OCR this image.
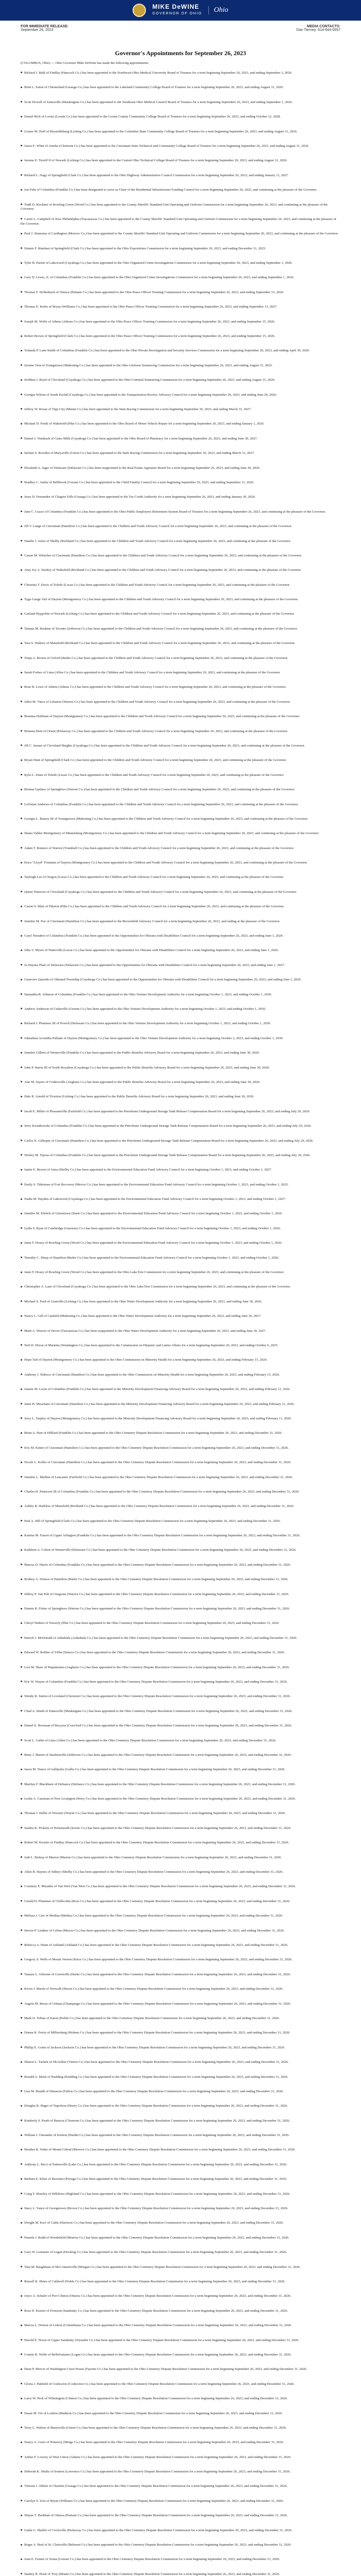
MIKE DeWINE
GOVERNOR OF OHIO	Ohio
FOR IMMEDIATE RELEASE:
September 26, 2023
MEDIA CONTACTS:
Dan Tierney: 614-644-0957
Governor's Appointments for September 26, 2023
(COLUMBUS, Ohio) — Ohio Governor Mike DeWine has made the following appointments:

Richard J. Bahl of Findlay (Hancock Co.) has been appointed to the Northwest Ohio Medical University Board of Trustees for a term beginning September 26, 2023, and ending September 3, 2026.

Brett L. Eaton of Chesterland (Geauga Co.) has been appointed to the Lakeland Community College Board of Trustees for a term beginning September 26, 2023, and ending August 31, 2026.

Scott Dowell of Zanesville (Muskingum Co.) has been appointed to the Southeast Ohio Medical Council Board of Trustees for a term beginning September 26, 2023, and ending September 1, 2026.

Daniel Rich of Lorain (Lorain Co.) has been appointed to the Lorain County Community College Board of Trustees for a term beginning September 26, 2023, and ending October 12, 2028.

Louise M. Hoff of Reynoldsburg (Licking Co.) has been appointed to the Columbus State Community College Board of Trustees for a term beginning September 26, 2023, and ending August 31, 2026.

Jason E. Whitt of Amelia (Clermont Co.) has been appointed to the Cincinnati State Technical and Community College Board of Trustees for a term beginning September 26, 2023, and ending August 31, 2026.

Jerome E. Terrell II of Newark (Licking Co.) has been appointed to the Central Ohio Technical College Board of Trustees for a term beginning September 26, 2023, and ending August 31, 2026.

Richard L. Nagy of Springfield (Clark Co.) has been appointed to the Ohio Highway Administrative Council Commission for a term beginning September 26, 2023, and ending January 11, 2027.

Jon Fehr of Columbus (Franklin Co.) has been designated to serve as Chair of the Residential Infrastructure Funding Council for a term beginning September 26, 2023, and continuing at the pleasure of the Governor.

Todd D. Kirchner of Bowling Green (Wood Co.) has been appointed to the County Sheriffs' Standard Unit Operating and Uniform Commission for a term beginning September 26, 2023, and continuing at the pleasure of the Governor.

Carrie L. Campbell of New Philadelphia (Tuscarawas Co.) has been appointed to the County Sheriffs' Standard Unit Operating and Uniform Commission for a term beginning September 26, 2023, and continuing at the pleasure of the Governor.

Paul J. Simmons of Cardington (Morrow Co.) has been appointed to the County Sheriffs' Standard Unit Operating and Uniform Commission for a term beginning September 26, 2023, and continuing at the pleasure of the Governor.

Dennis F. Rinehart of Springfield (Clark Co.) has been appointed to the Ohio Expositions Commission for a term beginning September 26, 2023, and ending December 31, 2025.

Tyler B. Parent of Lakewood (Cuyahoga Co.) has been appointed to the Ohio Organized Crime Investigations Commission for a term beginning September 26, 2023, and ending September 1, 2026.

Gary D. Lewis, Jr. of Columbus (Franklin Co.) has been appointed to the Ohio Organized Crime Investigations Commission for a term beginning September 26, 2023, and ending September 1, 2026.

Thomas F. Hollenbach of Ottawa (Putnam Co.) has been appointed to the Ohio Peace Officer Training Commission for a term beginning September 26, 2023, and ending September 15, 2026.

Thomas E. Krebs of Bryan (Williams Co.) has been appointed to the Ohio Peace Officer Training Commission for a term beginning September 26, 2023, and ending September 15, 2027.

Joseph M. Wolfe of Athens (Athens Co.) has been appointed to the Ohio Peace Officer Training Commission for a term beginning September 26, 2023, and ending September 15, 2026.

Robert Brown of Springfield (Clark Co.) has been appointed to the Ohio Peace Officer Training Commission for a term beginning September 26, 2023, and ending September 15, 2026.

Yolanda P. Lane-Smith of Columbus (Franklin Co.) has been appointed to the Ohio Private Investigation and Security Services Commission for a term beginning September 26, 2023, and ending April 30, 2026.

Jerome Vera of Youngstown (Mahoning Co.) has been appointed to the Ohio Uniform Sentencing Commission for a term beginning September 26, 2023, and ending August 31, 2025.

Siobhan J. Boyd of Cleveland (Cuyahoga Co.) has been appointed to the Ohio Criminal Sentencing Commission for a term beginning September 26, 2023, and ending August 31, 2026.

Georgia Wilson of South Euclid (Cuyahoga Co.) has been appointed to the Transportation Review Advisory Council for a term beginning September 26, 2023, and ending June 29, 2026.

Jeffrey W. Rouse of Tipp City (Miami Co.) has been appointed to the State Racing Commission for a term beginning September 26, 2023, and ending March 31, 2027.

Michael D. Fenik of Wakefield (Pike Co.) has been appointed to the Ohio Board of Motor Vehicle Repair for a term beginning September 26, 2023, and ending January 1, 2026.

Daniel J. Vondrack of Gates Mills (Cuyahoga Co.) has been appointed to the Ohio Board of Pharmacy for a term beginning September 26, 2023, and ending June 30, 2027.

Stefani S. Bowden of Marysville (Union Co.) has been appointed to the State Racing Commission for a term beginning September 26, 2023, and ending March 31, 2027.

Elizabeth A. Jager of Delaware (Delaware Co.) has been reappointed to the Real Estate Appraiser Board for a term beginning September 26, 2023, and ending June 30, 2026.

Bradley C. Antlar of Bellbrook (Greene Co.) has been appointed to the Child Fatality Council for a term beginning September 26, 2023, and ending September 11, 2026.

Jesse D. Fernandez of Chagrin Falls (Geauga Co.) has been appointed to the Tax Credit Authority for a term beginning September 26, 2023, and ending January 20, 2026.

Jane C. Guzzo of Columbus (Franklin Co.) has been appointed to the Ohio Public Employees Retirement System Board of Trustees for a term beginning September 26, 2023, and continuing at the pleasure of the Governor.

Jill V. Lange of Cincinnati (Hamilton Co.) has been appointed to the Children and Youth Advisory Council for a term beginning September 26, 2023, and continuing at the pleasure of the Governor.

Natalie J. Jones of Shelby (Richland Co.) has been appointed to the Children and Youth Advisory Council for a term beginning September 26, 2023, and continuing at the pleasure of the Governor.

Cassie M. Whitcher of Cincinnati (Hamilton Co.) has been appointed to the Children and Youth Advisory Council for a term beginning September 26, 2023, and continuing at the pleasure of the Governor.

Amy Ivy A. Starkey of Wakefield (Richland Co.) has been appointed to the Children and Youth Advisory Council for a term beginning September 26, 2023, and continuing at the pleasure of the Governor.

Christina T. Davis of Toledo (Lucas Co.) has been appointed to the Children and Youth Advisory Council for a term beginning September 26, 2023, and continuing at the pleasure of the Governor.

Tyga Gauge Vail of Dayton (Montgomery Co.) has been appointed to the Children and Youth Advisory Council for a term beginning September 26, 2023, and continuing at the pleasure of the Governor.

Garland Hyppolite of Newark (Licking Co.) has been appointed to the Children and Youth Advisory Council for a term beginning September 26, 2023, and continuing at the pleasure of the Governor.

Tatiana M. Hoskins of Toronto (Jefferson Co.) has been appointed to the Children and Youth Advisory Council for a term beginning September 26, 2023, and continuing at the pleasure of the Governor.

Tara S. Wallace of Mansfield (Richland Co.) has been appointed to the Children and Youth Advisory Council for a term beginning September 26, 2023, and continuing at the pleasure of the Governor.

Tonja A. Brown of Oxford (Butler Co.) has been appointed to the Children and Youth Advisory Council for a term beginning September 26, 2023, and continuing at the pleasure of the Governor.

Sarah Forbes of Lima (Allen Co.) has been appointed to the Children and Youth Advisory Council for a term beginning September 26, 2023, and continuing at the pleasure of the Governor.

Rose B. Lowe of Athens (Athens Co.) has been appointed to the Children and Youth Advisory Council for a term beginning September 26, 2023, and continuing at the pleasure of the Governor.

Juliet M. Vinca of Lebanon (Warren Co.) has been appointed to the Children and Youth Advisory Council for a term beginning September 26, 2023, and continuing at the pleasure of the Governor.

Breanna Hoffman of Dayton (Montgomery Co.) has been appointed to the Children and Youth Advisory Council for a term beginning September 26, 2023, and continuing at the pleasure of the Governor.

Brianna Dent of Orient (Pickaway Co.) has been appointed to the Children and Youth Advisory Council for a term beginning September 26, 2023, and continuing at the pleasure of the Governor.

Jill C. Jensen of Cleveland Heights (Cuyahoga Co.) has been appointed to the Children and Youth Advisory Council for a term beginning September 26, 2023, and continuing at the pleasure of the Governor.

Bryan Hunt of Springfield (Clark Co.) has been appointed to the Children and Youth Advisory Council for a term beginning September 26, 2023, and continuing at the pleasure of the Governor.

Kyla L. Jones of Toledo (Lucas Co.) has been appointed to the Children and Youth Advisory Council for a term beginning September 26, 2023, and continuing at the pleasure of the Governor.

Brenna Upshaw of Springboro (Warren Co.) has been appointed to the Children and Youth Advisory Council for a term beginning September 26, 2023, and continuing at the pleasure of the Governor.

LaVonne Andrews of Columbus (Franklin Co.) has been appointed to the Children and Youth Advisory Council for a term beginning September 26, 2023, and continuing at the pleasure of the Governor.

Georgia L. Ramey III of Youngstown (Mahoning Co.) has been appointed to the Children and Youth Advisory Council for a term beginning September 26, 2023, and continuing at the pleasure of the Governor.

Shana Valdez Montgomery of Miamisburg (Montgomery Co.) has been appointed to the Children and Youth Advisory Council for a term beginning September 26, 2023, and continuing at the pleasure of the Governor.

Adam T. Romero of Warren (Trumbull Co.) has been appointed to the Children and Youth Advisory Council for a term beginning September 26, 2023, and continuing at the pleasure of the Governor.

Erica "Lloyd" Fountain of Dayton (Montgomery Co.) has been appointed to the Children and Youth Advisory Council for a term beginning September 26, 2023, and continuing at the pleasure of the Governor.

Tayleigh Lee of Oregon (Lucas Co.) has been appointed to the Children and Youth Advisory Council for a term beginning September 26, 2023, and continuing at the pleasure of the Governor.

Quinn Titterson of Cleveland (Cuyahoga Co.) has been appointed to the Children and Youth Advisory Council for a term beginning September 26, 2023, and continuing at the pleasure of the Governor.

Cassie S. Blair of Piketon (Pike Co.) has been appointed to the Children and Youth Advisory Council for a term beginning September 26, 2023, and continuing at the pleasure of the Governor.

Jennifer M. Poe of Cincinnati (Hamilton Co.) has been appointed to the Brownfield Advisory Council for a term beginning September 26, 2023, and ending at the pleasure of the Governor.

Caryl Nienaber of Columbus (Franklin Co.) has been appointed to the Opportunities for Ohioans with Disabilities Council for a term beginning September 26, 2023, and ending June 1, 2024.

Julia V. Myers of Waterville (Lucas Co.) has been appointed to the Opportunities for Ohioans with Disabilities Council for a term beginning September 26, 2023, and ending June 1, 2026.

Jo Haynes Plato of Delaware (Delaware Co.) has been appointed to the Opportunities for Ohioans with Disabilities Council for a term beginning September 26, 2023, and ending June 1, 2027.

Geneviev Querido of Olmsted Township (Cuyahoga Co.) has been appointed to the Opportunities for Ohioans with Disabilities Council for a term beginning September 26, 2023, and ending June 1, 2026.

Samantha R. Johnson of Columbus (Franklin Co.) has been appointed to the Ohio Venture Development Authority for a term beginning October 1, 2023, and ending October 1, 2030.

Andrew Anderson of Cedarville (Greene Co.) has been appointed to the Ohio Venture Development Authority for a term beginning October 1, 2023, and ending October 1, 2030.

Richard J. Plummer III of Powell (Delaware Co.) has been appointed to the Ohio Venture Development Authority for a term beginning October 1, 2023, and ending October 1, 2030.

Johnathan Arvindha Pallanti of Dayton (Montgomery Co.) has been appointed to the Ohio Venture Development Authority for a term beginning October 2, 2023, and ending October 1, 2030.

Jennifer Gilbert of Westerville (Franklin Co.) has been appointed to the Public Benefits Advisory Board for a term beginning September 26, 2023, and ending June 30, 2026.

John P. Harris III of North Royalton (Cuyahoga Co.) has been appointed to the Public Benefits Advisory Board for a term beginning September 26, 2023, and ending June 30, 2026.

Ann M. Sayers of Cridersville (Auglaize Co.) has been appointed to the Public Benefits Advisory Board for a term beginning September 26, 2023, and ending June 30, 2026.

Dale R. Arnold of Tiverton (Licking Co.) has been appointed to the Public Benefits Advisory Board for a term beginning September 26, 2023, and ending June 30, 2026.

Jacob E. Miller of Pleasantville (Fairfield Co.) has been appointed to the Petroleum Underground Storage Tank Release Compensation Board for a term beginning September 26, 2023, and ending July 29, 2026.

Jerry Kwiatkowski of Columbus (Franklin Co.) has been appointed to the Petroleum Underground Storage Tank Release Compensation Board for a term beginning September 26, 2023, and ending July 29, 2026.

Carlos N. Gillespie of Cincinnati (Hamilton Co.) has been appointed to the Petroleum Underground Storage Tank Release Compensation Board for a term beginning September 26, 2023, and ending July 29, 2026.

Wesley M. Tijeras of Columbus (Franklin Co.) has been appointed to the Petroleum Underground Storage Tank Release Compensation Board for a term beginning September 26, 2023, and ending July 29, 2026.

Jamie E. Brown of Anna (Shelby Co.) has been appointed to the Environmental Education Fund Advisory Council for a term beginning October 1, 2023, and ending October 1, 2027.

Emily S. Tiderman of Fort Recovery (Mercer Co.) has been appointed to the Environmental Education Fund Advisory Council for a term beginning October 1, 2023, and ending October 1, 2025.

Nadia M. Hayden of Lakewood (Cuyahoga Co.) has been appointed to the Environmental Education Fund Advisory Council for a term beginning October 1, 2023, and ending October 1, 2027.

Jennifer M. Ehrlich of Uniontown (Stark Co.) has been appointed to the Environmental Education Fund Advisory Council for a term beginning October 1, 2023, and ending October 1, 2026.

Lydia S. Ryan of Cambridge (Guernsey Co.) has been appointed to the Environmental Education Fund Advisory Council for a term beginning October 1, 2023, and ending October 1, 2026.

Janet F. Hosey of Bowling Green (Wood Co.) has been appointed to the Environmental Education Fund Advisory Council for a term beginning October 1, 2023, and ending October 1, 2026.

Timothy C. Sharp of Hamilton (Butler Co.) has been appointed to the Environmental Education Fund Advisory Council for a term beginning October 1, 2023, and ending October 1, 2026.

Janet F. Hosey of Bowling Green (Wood Co.) has been appointed to the Ohio Lake Erie Commission for a term beginning September 26, 2023, and continuing at the pleasure of the Governor.

Christopher A. Lane of Cleveland (Cuyahoga Co.) has been appointed to the Ohio Lake Erie Commission for a term beginning September 26, 2023, and continuing at the pleasure of the Governor.

Michael S. Ford of Granville (Licking Co.) has been appointed to the Ohio Water Development Authority for a term beginning September 26, 2023, and ending June 30, 2026.

Nancy L. Gill of Canfield (Mahoning Co.) has been appointed to the Ohio Water Development Authority for a term beginning September 26, 2023, and ending June 30, 2027.

Mark A. Weaver of Dover (Tuscarawas Co.) has been reappointed to the Ohio Water Development Authority for a term beginning September 26, 2023, and ending June 30, 2027.

Neil D. Dixon of Marietta (Washington Co.) has been appointed to the Commission on Hispanic and Latino Affairs for a term beginning September 26, 2023, and ending October 6, 2025.

Hope Taft of Dayton (Montgomery Co.) has been appointed to the Ohio Commission on Minority Health for a term beginning September 26, 2023, and ending February 15, 2026.

Anthony J. Tedesco of Cincinnati (Hamilton Co.) has been appointed to the Ohio Commission on Minority Health for a term beginning September 26, 2023, and ending February 15, 2026.

Jeanne M. Lavin of Columbus (Franklin Co.) has been appointed to the Minority Development Financing Advisory Board for a term beginning September 26, 2023, and ending February 11, 2026.

Janet H. Meacham of Cincinnati (Hamilton Co.) has been appointed to the Minority Development Financing Advisory Board for a term beginning September 26, 2023, and ending February 11, 2026.

Jerry L. Tarpley of Dayton (Montgomery Co.) has been appointed to the Minority Development Financing Advisory Board for a term beginning September 26, 2023, and ending February 11, 2026.

Brian A. Hart of Hilliard (Franklin Co.) has been appointed to the Ohio Cemetery Dispute Resolution Commission for a term beginning September 26, 2023, and ending December 31, 2026.

Eric M. Kitner of Cincinnati (Hamilton Co.) has been appointed to the Ohio Cemetery Dispute Resolution Commission for a term beginning September 26, 2023, and ending December 31, 2026.

Nicole L. Koller of Cincinnati (Hamilton Co.) has been appointed to the Ohio Cemetery Dispute Resolution Commission for a term beginning September 26, 2023, and ending December 31, 2026.

Jennifer L. Mullins of Lancaster (Fairfield Co.) has been appointed to the Ohio Cemetery Dispute Resolution Commission for a term beginning September 26, 2023, and ending December 31, 2026.

Charles H. Patterson III of Columbus (Franklin Co.) has been appointed to the Ohio Cemetery Dispute Resolution Commission for a term beginning September 26, 2023, and ending December 31, 2026.

Ashley R. Harkless of Mansfield (Richland Co.) has been appointed to the Ohio Cemetery Dispute Resolution Commission for a term beginning September 26, 2023, and ending December 31, 2026.

Paul A. Hill of Springfield (Clark Co.) has been appointed to the Ohio Cemetery Dispute Resolution Commission for a term beginning September 26, 2023, and ending December 31, 2026.

Katrina M. Faurot of Upper Arlington (Franklin Co.) has been appointed to the Ohio Cemetery Dispute Resolution Commission for a term beginning September 26, 2023, and ending December 31, 2026.

Kathleen A. Colton of Westerville (Delaware Co.) has been appointed to the Ohio Cemetery Dispute Resolution Commission for a term beginning September 26, 2023, and ending December 31, 2026.

Marcus D. Harris of Columbus (Franklin Co.) has been appointed to the Ohio Cemetery Dispute Resolution Commission for a term beginning September 26, 2023, and ending December 31, 2026.

Rodney A. Dotson of Hamilton (Butler Co.) has been appointed to the Ohio Cemetery Dispute Resolution Commission for a term beginning September 26, 2023, and ending December 31, 2026.

Jeffrey P. Van Pelt of Oregonia (Warren Co.) has been appointed to the Ohio Cemetery Dispute Resolution Commission for a term beginning September 26, 2023, and ending December 31, 2026.

Dennis R. Fisher of Springboro (Warren Co.) has been appointed to the Ohio Cemetery Dispute Resolution Commission for a term beginning September 26, 2023, and ending December 31, 2026.

Cheryl Walters of Waverly (Pike Co.) has been appointed to the Ohio Cemetery Dispute Resolution Commission for a term beginning September 26, 2023, and ending December 31, 2026.

Patrick J. McDonald of Ashtabula (Ashtabula Co.) has been appointed to the Ohio Cemetery Dispute Resolution Commission for a term beginning September 26, 2023, and ending December 31, 2026.

Edward W. Rollins of Tiffin (Seneca Co.) has been appointed to the Ohio Cemetery Dispute Resolution Commission for a term beginning September 26, 2023, and ending December 31, 2026.

Lori M. Shaw of Wapakoneta (Auglaize Co.) has been appointed to the Ohio Cemetery Dispute Resolution Commission for a term beginning September 26, 2023, and ending December 31, 2026.

Eric W. Wayne of Columbus (Franklin Co.) has been appointed to the Ohio Cemetery Dispute Resolution Commission for a term beginning September 26, 2023, and ending December 31, 2026.

Wendy R. Sutton of Loveland (Clermont Co.) has been appointed to the Ohio Cemetery Dispute Resolution Commission for a term beginning September 26, 2023, and ending December 31, 2026.

Chad A. Smith of Zanesville (Muskingum Co.) has been appointed to the Ohio Cemetery Dispute Resolution Commission for a term beginning September 26, 2023, and ending December 31, 2026.

Daniel E. Bowman of Bucyrus (Crawford Co.) has been appointed to the Ohio Cemetery Dispute Resolution Commission for a term beginning September 26, 2023, and ending December 31, 2026.

Scott L. Gable of Lima (Allen Co.) has been appointed to the Ohio Cemetery Dispute Resolution Commission for a term beginning September 26, 2023, and ending December 31, 2026.

Betty J. Martin of Steubenville (Jefferson Co.) has been appointed to the Ohio Cemetery Dispute Resolution Commission for a term beginning September 26, 2023, and ending December 31, 2026.

Jason M. Nance of Gallipolis (Gallia Co.) has been appointed to the Ohio Cemetery Dispute Resolution Commission for a term beginning September 26, 2023, and ending December 31, 2026.

Marilyn F. Blackburn of Defiance (Defiance Co.) has been appointed to the Ohio Cemetery Dispute Resolution Commission for a term beginning September 26, 2023, and ending December 31, 2026.

Leslie A. Carmean of New Lexington (Perry Co.) has been appointed to the Ohio Cemetery Dispute Resolution Commission for a term beginning September 26, 2023, and ending December 31, 2026.

Thomas J. Haller of Wooster (Wayne Co.) has been appointed to the Ohio Cemetery Dispute Resolution Commission for a term beginning September 26, 2023, and ending December 31, 2026.

Sandra K. Pickens of Portsmouth (Scioto Co.) has been appointed to the Ohio Cemetery Dispute Resolution Commission for a term beginning September 26, 2023, and ending December 31, 2026.

Robert M. Kessler of Findlay (Hancock Co.) has been appointed to the Ohio Cemetery Dispute Resolution Commission for a term beginning September 26, 2023, and ending December 31, 2026.

Jodi L. Bishop of Marion (Marion Co.) has been appointed to the Ohio Cemetery Dispute Resolution Commission for a term beginning September 26, 2023, and ending December 31, 2026.

Allen R. Haynes of Sidney (Shelby Co.) has been appointed to the Ohio Cemetery Dispute Resolution Commission for a term beginning September 26, 2023, and ending December 31, 2026.

Courtney E. Rhoades of Van Wert (Van Wert Co.) has been appointed to the Ohio Cemetery Dispute Resolution Commission for a term beginning September 26, 2023, and ending December 31, 2026.

Gerald D. Plummer of Chillicothe (Ross Co.) has been appointed to the Ohio Cemetery Dispute Resolution Commission for a term beginning September 26, 2023, and ending December 31, 2026.

Melissa J. Carr of Medina (Medina Co.) has been appointed to the Ohio Cemetery Dispute Resolution Commission for a term beginning September 26, 2023, and ending December 31, 2026.

Steven P. Lindner of Celina (Mercer Co.) has been appointed to the Ohio Cemetery Dispute Resolution Commission for a term beginning September 26, 2023, and ending December 31, 2026.

Rebecca A. Dunn of Ashland (Ashland Co.) has been appointed to the Ohio Cemetery Dispute Resolution Commission for a term beginning September 26, 2023, and ending December 31, 2026.

Gregory S. Wells of Mount Vernon (Knox Co.) has been appointed to the Ohio Cemetery Dispute Resolution Commission for a term beginning September 26, 2023, and ending December 31, 2026.

Tamara L. Osborne of Greenville (Darke Co.) has been appointed to the Ohio Cemetery Dispute Resolution Commission for a term beginning September 26, 2023, and ending December 31, 2026.

Kevin J. Marsh of Norwalk (Huron Co.) has been appointed to the Ohio Cemetery Dispute Resolution Commission for a term beginning September 26, 2023, and ending December 31, 2026.

Angela M. Reese of Urbana (Champaign Co.) has been appointed to the Ohio Cemetery Dispute Resolution Commission for a term beginning September 26, 2023, and ending December 31, 2026.

Mark D. Tobias of Eaton (Preble Co.) has been appointed to the Ohio Cemetery Dispute Resolution Commission for a term beginning September 26, 2023, and ending December 31, 2026.

Donna K. Ferris of Millersburg (Holmes Co.) has been appointed to the Ohio Cemetery Dispute Resolution Commission for a term beginning September 26, 2023, and ending December 31, 2026.

Phillip E. Goins of Jackson (Jackson Co.) has been appointed to the Ohio Cemetery Dispute Resolution Commission for a term beginning September 26, 2023, and ending December 31, 2026.

Sharon L. Tackett of McArthur (Vinton Co.) has been appointed to the Ohio Cemetery Dispute Resolution Commission for a term beginning September 26, 2023, and ending December 31, 2026.

Ronald A. Meek of Paulding (Paulding Co.) has been appointed to the Ohio Cemetery Dispute Resolution Commission for a term beginning September 26, 2023, and ending December 31, 2026.

Lisa M. Brandt of Wauseon (Fulton Co.) has been appointed to the Ohio Cemetery Dispute Resolution Commission for a term beginning September 26, 2023, and ending December 31, 2026.

Douglas R. Hager of Napoleon (Henry Co.) has been appointed to the Ohio Cemetery Dispute Resolution Commission for a term beginning September 26, 2023, and ending December 31, 2026.

Kimberly S. Pruitt of Batavia (Clermont Co.) has been appointed to the Ohio Cemetery Dispute Resolution Commission for a term beginning September 26, 2023, and ending December 31, 2026.

William J. Ostrander of Kenton (Hardin Co.) has been appointed to the Ohio Cemetery Dispute Resolution Commission for a term beginning September 26, 2023, and ending December 31, 2026.

Heather R. Yoder of Mount Gilead (Morrow Co.) has been appointed to the Ohio Cemetery Dispute Resolution Commission for a term beginning September 26, 2023, and ending December 31, 2026.

Anthony L. Ricci of Painesville (Lake Co.) has been appointed to the Ohio Cemetery Dispute Resolution Commission for a term beginning September 26, 2023, and ending December 31, 2026.

Barbara E. Kline of Ravenna (Portage Co.) has been appointed to the Ohio Cemetery Dispute Resolution Commission for a term beginning September 26, 2023, and ending December 31, 2026.

Craig T. Hensley of Hillsboro (Highland Co.) has been appointed to the Ohio Cemetery Dispute Resolution Commission for a term beginning September 26, 2023, and ending December 31, 2026.

Stacy L. Vance of Georgetown (Brown Co.) has been appointed to the Ohio Cemetery Dispute Resolution Commission for a term beginning September 26, 2023, and ending December 31, 2026.

Dwight M. Kerr of Cadiz (Harrison Co.) has been appointed to the Ohio Cemetery Dispute Resolution Commission for a term beginning September 26, 2023, and ending December 31, 2026.

Pamela J. Rudd of Woodsfield (Monroe Co.) has been appointed to the Ohio Cemetery Dispute Resolution Commission for a term beginning September 26, 2023, and ending December 31, 2026.

Gary W. Lemaster of Logan (Hocking Co.) has been appointed to the Ohio Cemetery Dispute Resolution Commission for a term beginning September 26, 2023, and ending December 31, 2026.

Tina M. Baughman of McConnelsville (Morgan Co.) has been appointed to the Ohio Cemetery Dispute Resolution Commission for a term beginning September 26, 2023, and ending December 31, 2026.

Russell K. Hines of Caldwell (Noble Co.) has been appointed to the Ohio Cemetery Dispute Resolution Commission for a term beginning September 26, 2023, and ending December 31, 2026.

Joyce A. Schuler of Port Clinton (Ottawa Co.) has been appointed to the Ohio Cemetery Dispute Resolution Commission for a term beginning September 26, 2023, and ending December 31, 2026.

Ross D. Keener of Fremont (Sandusky Co.) has been appointed to the Ohio Cemetery Dispute Resolution Commission for a term beginning September 26, 2023, and ending December 31, 2026.

Marcia L. Dotson of Lisbon (Columbiana Co.) has been appointed to the Ohio Cemetery Dispute Resolution Commission for a term beginning September 26, 2023, and ending December 31, 2026.

Harold E. Nixon of Upper Sandusky (Wyandot Co.) has been appointed to the Ohio Cemetery Dispute Resolution Commission for a term beginning September 26, 2023, and ending December 31, 2026.

Connie R. Wolfe of Bellefontaine (Logan Co.) has been appointed to the Ohio Cemetery Dispute Resolution Commission for a term beginning September 26, 2023, and ending December 31, 2026.

Dean P. Mercer of Washington Court House (Fayette Co.) has been appointed to the Ohio Cemetery Dispute Resolution Commission for a term beginning September 26, 2023, and ending December 31, 2026.

Gloria J. Hatfield of Coshocton (Coshocton Co.) has been appointed to the Ohio Cemetery Dispute Resolution Commission for a term beginning September 26, 2023, and ending December 31, 2026.

Larry W. Peck of Wilmington (Clinton Co.) has been appointed to the Ohio Cemetery Dispute Resolution Commission for a term beginning September 26, 2023, and ending December 31, 2026.

Susan M. Orr of London (Madison Co.) has been appointed to the Ohio Cemetery Dispute Resolution Commission for a term beginning September 26, 2023, and ending December 31, 2026.

Terry L. Walton of Marysville (Union Co.) has been appointed to the Ohio Cemetery Dispute Resolution Commission for a term beginning September 26, 2023, and ending December 31, 2026.

Nancy A. Greer of Pomeroy (Meigs Co.) has been appointed to the Ohio Cemetery Dispute Resolution Commission for a term beginning September 26, 2023, and ending December 31, 2026.

Arthur F. Lowery of West Union (Adams Co.) has been appointed to the Ohio Cemetery Dispute Resolution Commission for a term beginning September 26, 2023, and ending December 31, 2026.

Deborah K. Shultz of Ironton (Lawrence Co.) has been appointed to the Ohio Cemetery Dispute Resolution Commission for a term beginning September 26, 2023, and ending December 31, 2026.

Vincent J. Abbott of Chardon (Geauga Co.) has been appointed to the Ohio Cemetery Dispute Resolution Commission for a term beginning September 26, 2023, and ending December 31, 2026.

Carolyn S. Yost of Bryan (Williams Co.) has been appointed to the Ohio Cemetery Dispute Resolution Commission for a term beginning September 26, 2023, and ending December 31, 2026.

Wayne T. Burkhart of Ottawa (Putnam Co.) has been appointed to the Ohio Cemetery Dispute Resolution Commission for a term beginning September 26, 2023, and ending December 31, 2026.

Linda G. Shaffer of Circleville (Pickaway Co.) has been appointed to the Ohio Cemetery Dispute Resolution Commission for a term beginning September 26, 2023, and ending December 31, 2026.

Roger A. Beal of St. Clairsville (Belmont Co.) has been appointed to the Ohio Cemetery Dispute Resolution Commission for a term beginning September 26, 2023, and ending December 31, 2026.

Joan E. Fenner of Xenia (Greene Co.) has been appointed to the Ohio Cemetery Dispute Resolution Commission for a term beginning September 26, 2023, and ending December 31, 2026.

Stanley R. Hook of Troy (Miami Co.) has been appointed to the Ohio Cemetery Dispute Resolution Commission for a term beginning September 26, 2023, and ending December 31, 2026.
